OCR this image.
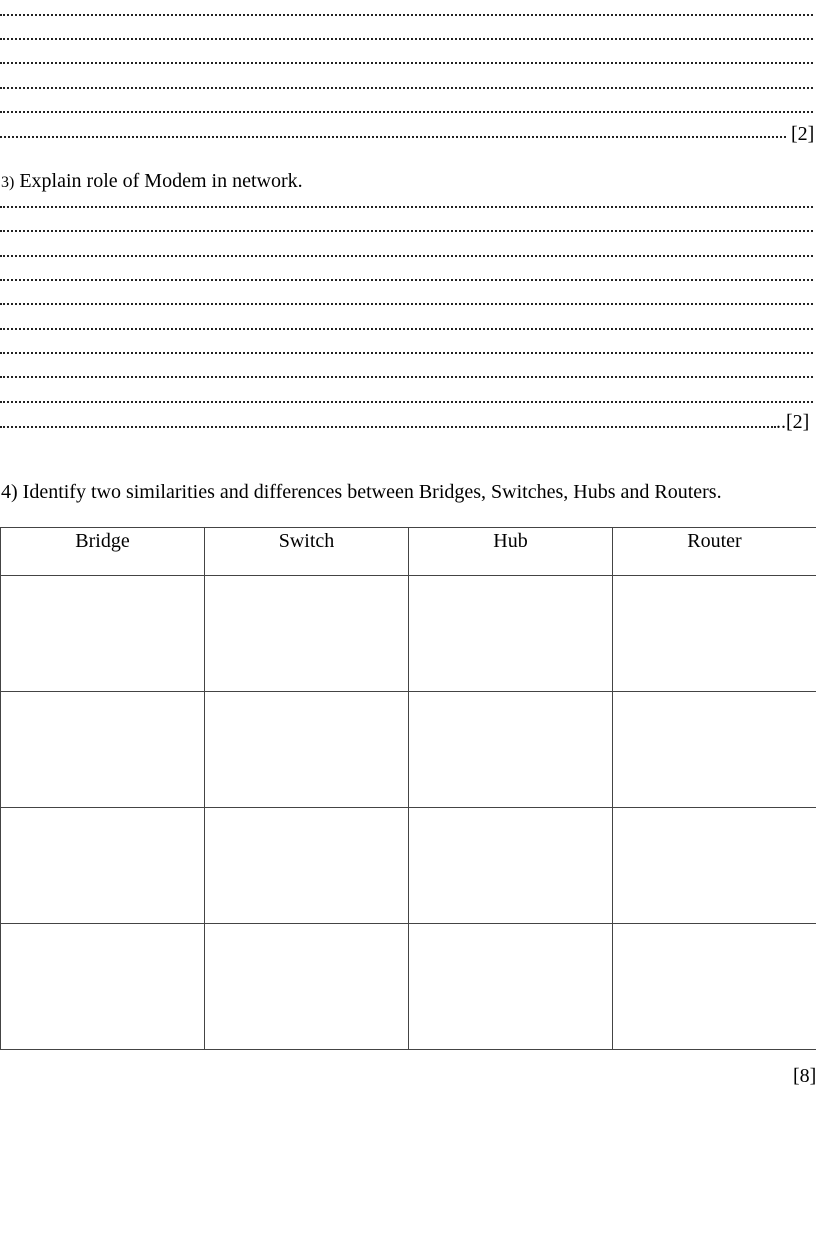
[2]
3) Explain role of Modem in network.
..[2]
4) Identify two similarities and differences between Bridges, Switches, Hubs and Routers.
Bridge	Switch	Hub	Router

[8]
